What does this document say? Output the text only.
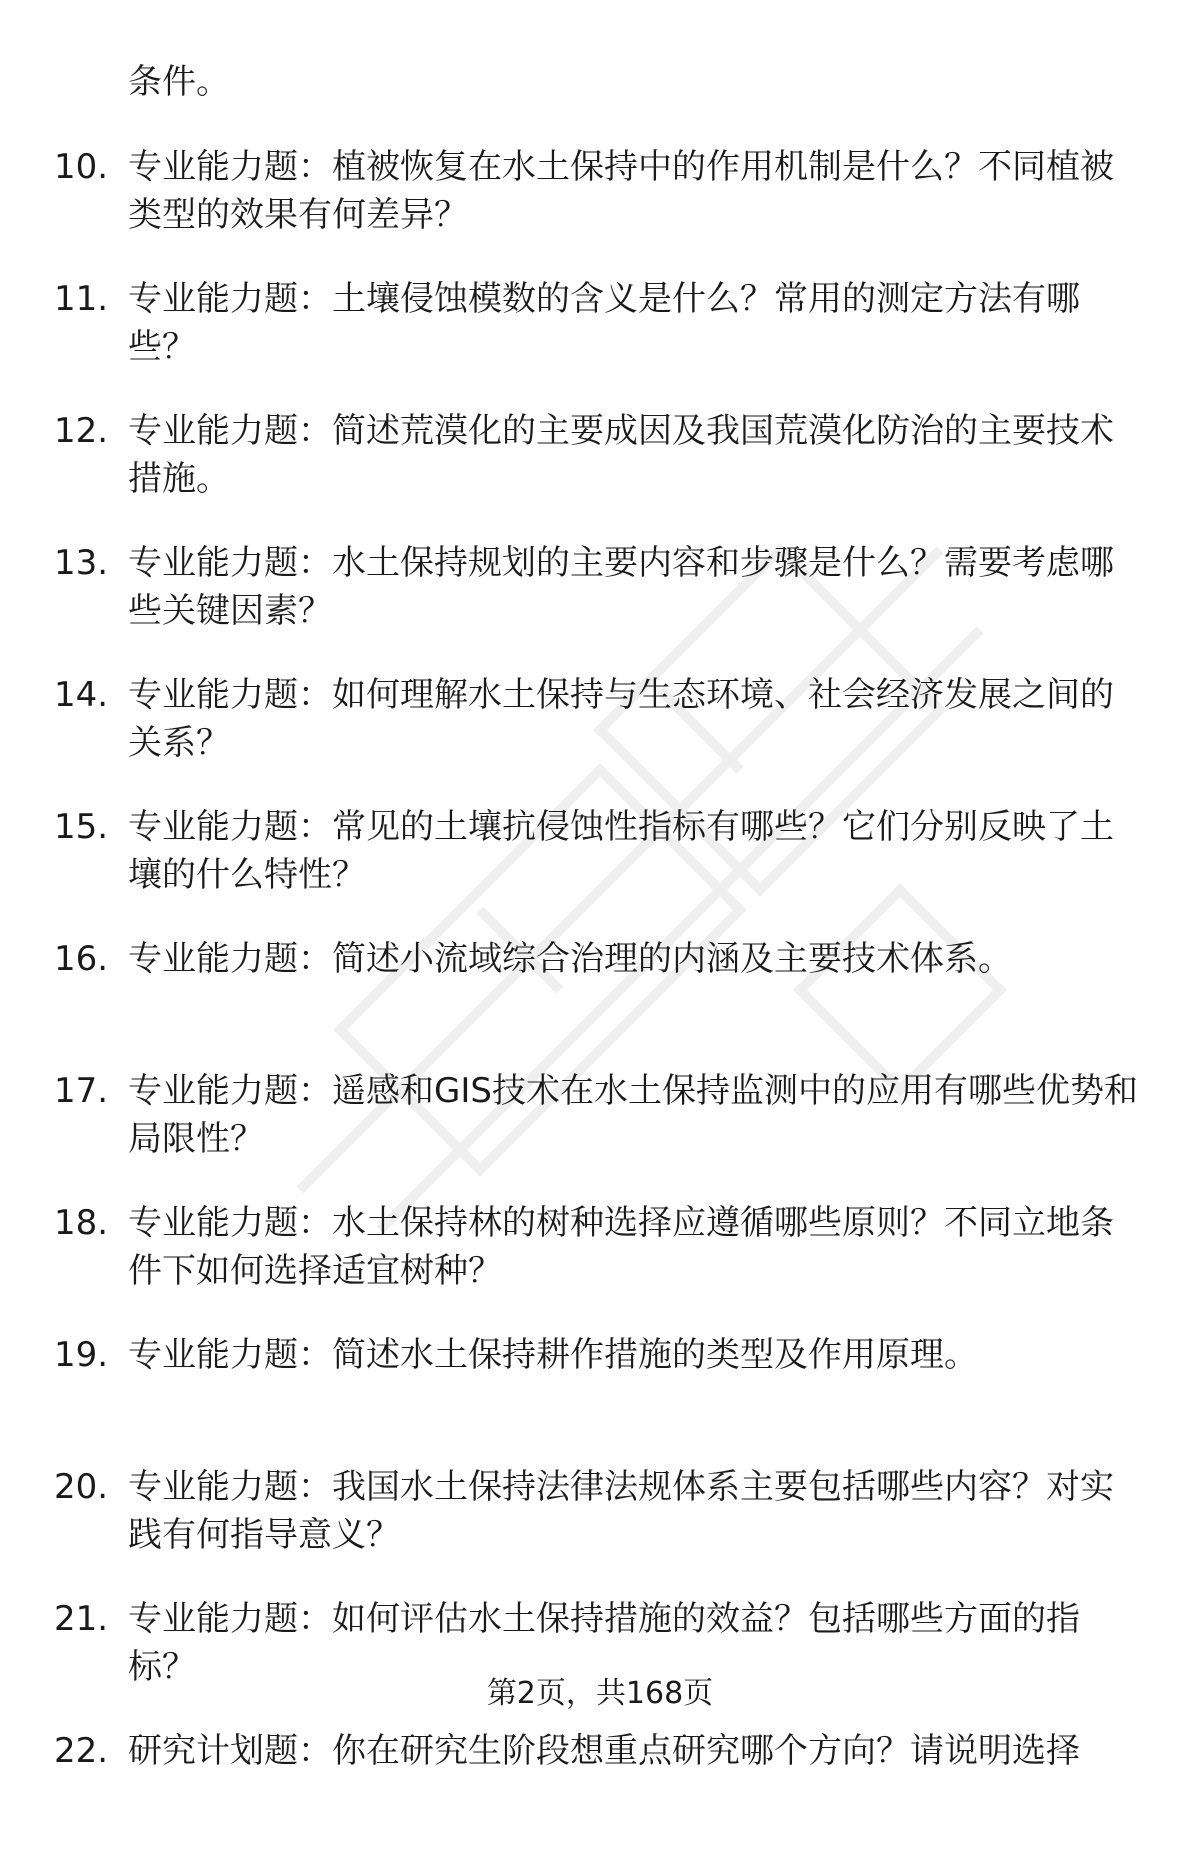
条件。
10. 专业能力题：植被恢复在水土保持中的作用机制是什么？不同植被类型的效果有何差异？
11. 专业能力题：土壤侵蚀模数的含义是什么？常用的测定方法有哪些？
12. 专业能力题：简述荒漠化的主要成因及我国荒漠化防治的主要技术措施。
13. 专业能力题：水土保持规划的主要内容和步骤是什么？需要考虑哪些关键因素？
14. 专业能力题：如何理解水土保持与生态环境、社会经济发展之间的关系？
15. 专业能力题：常见的土壤抗侵蚀性指标有哪些？它们分别反映了土壤的什么特性？
16. 专业能力题：简述小流域综合治理的内涵及主要技术体系。
17. 专业能力题：遥感和GIS技术在水土保持监测中的应用有哪些优势和局限性？
18. 专业能力题：水土保持林的树种选择应遵循哪些原则？不同立地条件下如何选择适宜树种？
19. 专业能力题：简述水土保持耕作措施的类型及作用原理。
20. 专业能力题：我国水土保持法律法规体系主要包括哪些内容？对实践有何指导意义？
21. 专业能力题：如何评估水土保持措施的效益？包括哪些方面的指标？
22. 研究计划题：你在研究生阶段想重点研究哪个方向？请说明选择
第2页，共168页
